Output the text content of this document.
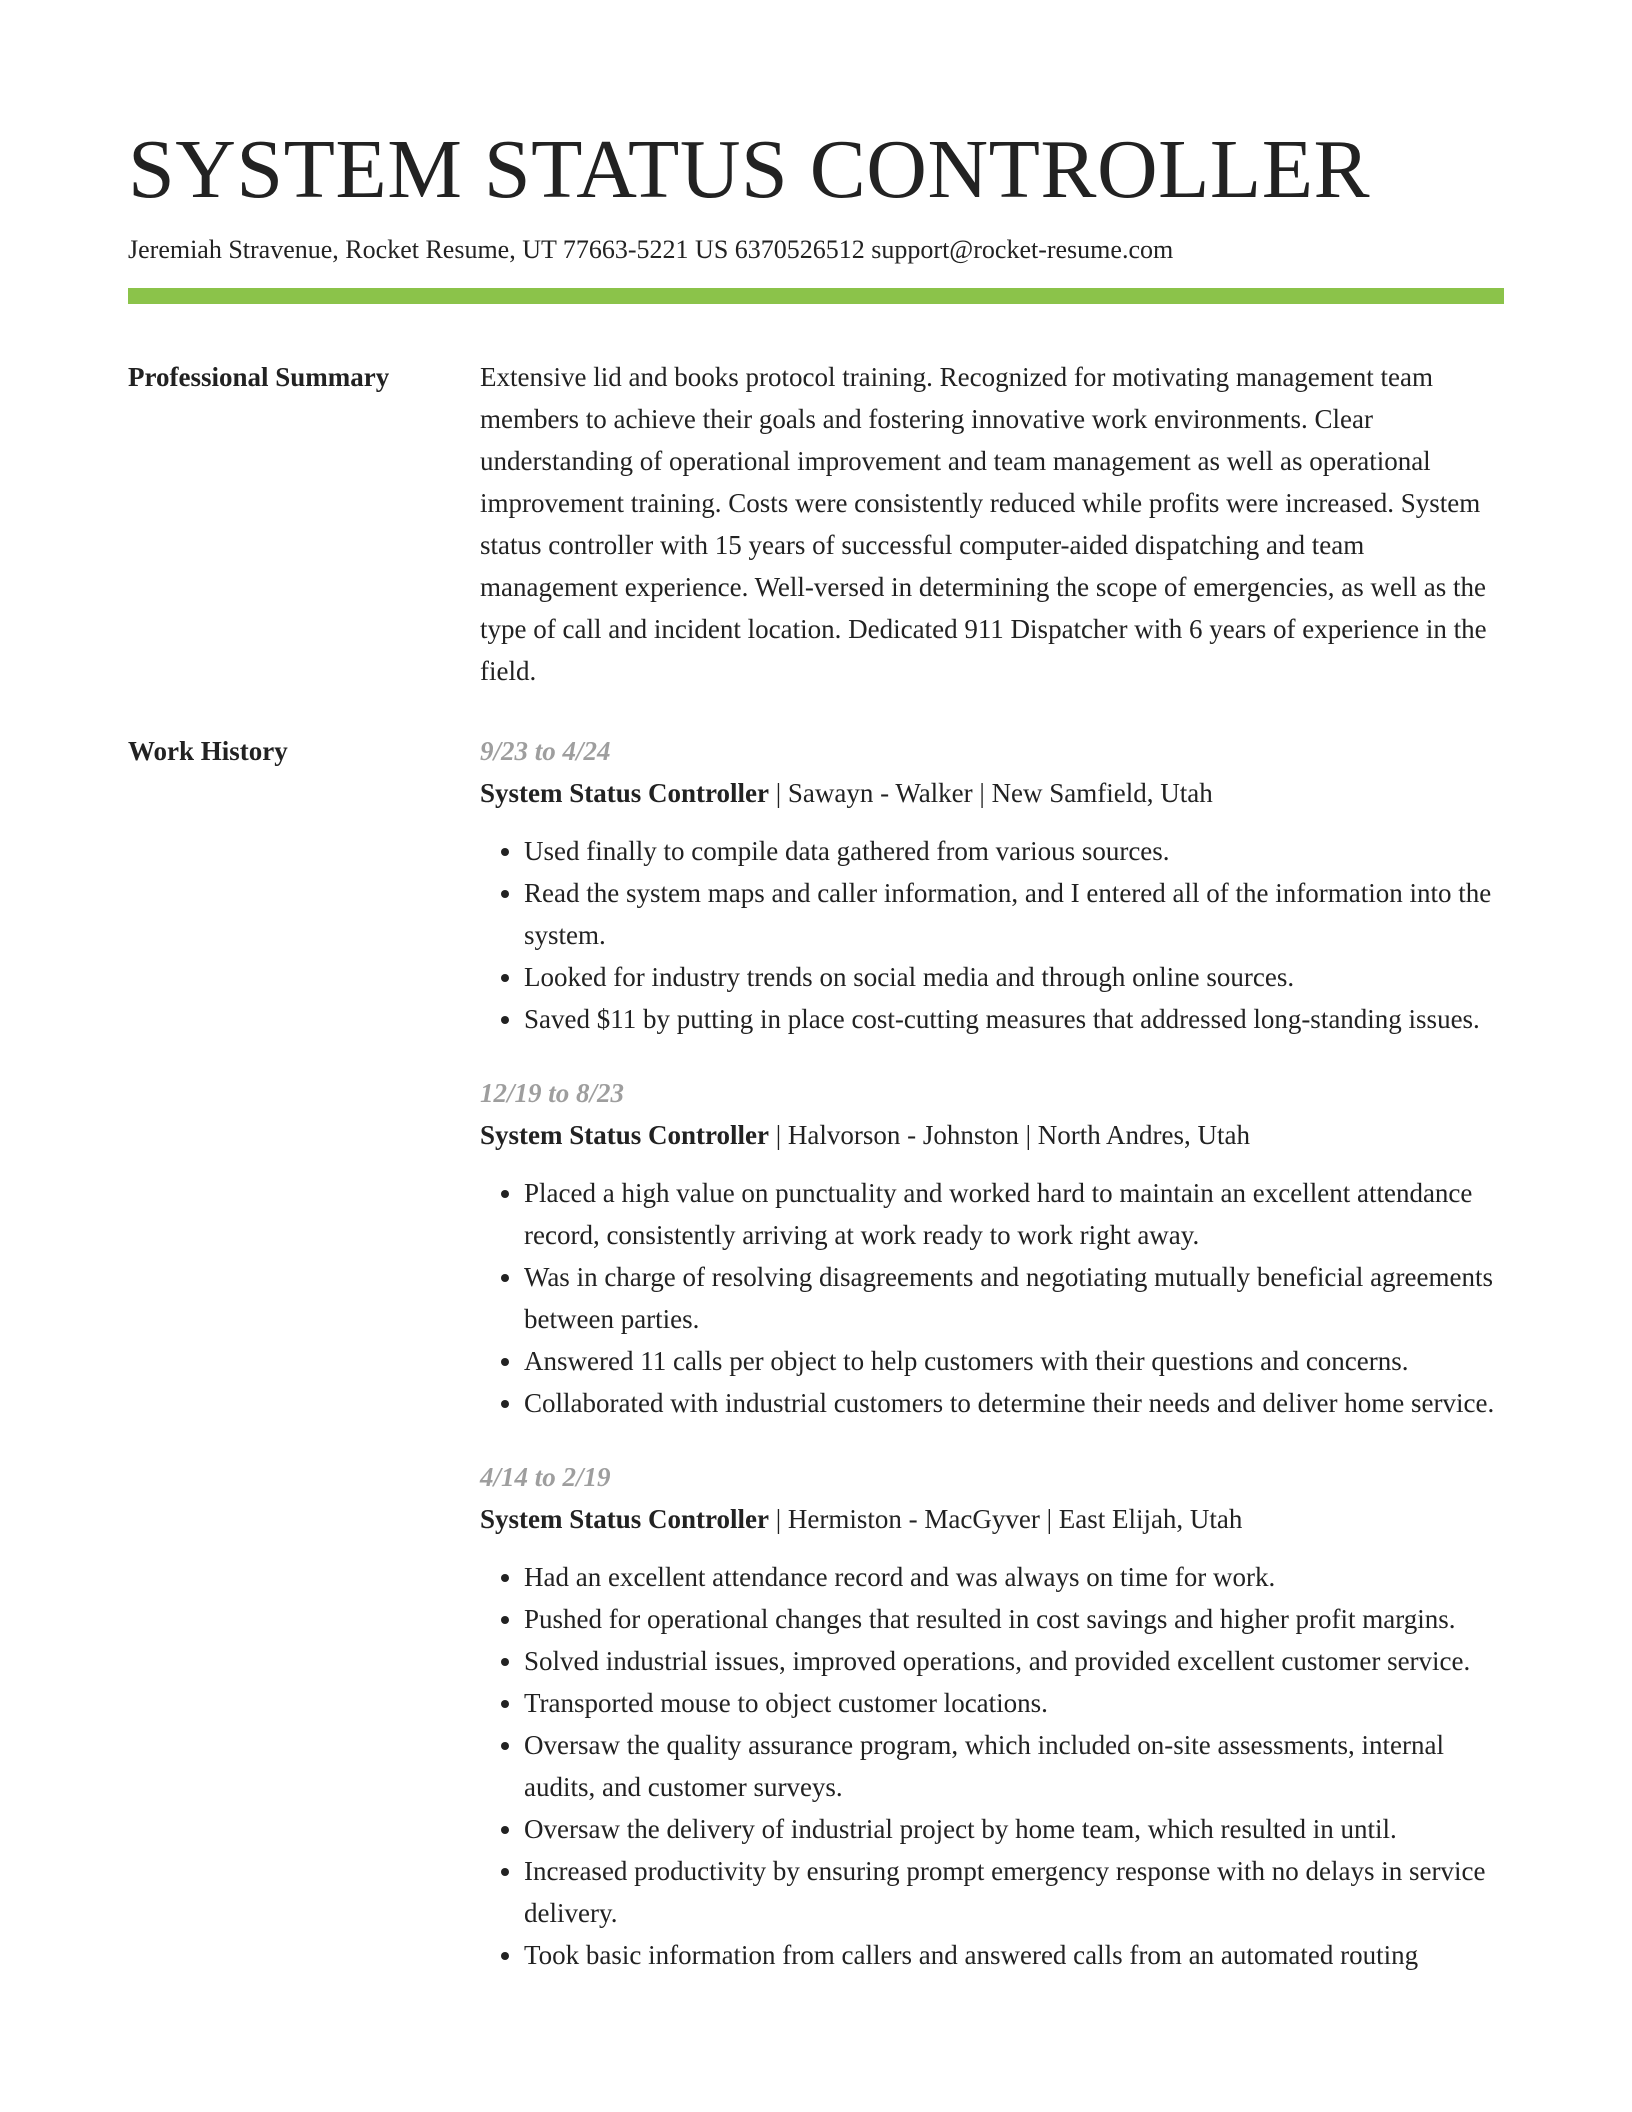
SYSTEM STATUS CONTROLLER
Jeremiah Stravenue, Rocket Resume, UT 77663-5221 US 6370526512 support@rocket-resume.com
Professional Summary	Extensive lid and books protocol training. Recognized for motivating management team members to achieve their goals and fostering innovative work environments. Clear understanding of operational improvement and team management as well as operational improvement training. Costs were consistently reduced while profits were increased. System status controller with 15 years of successful computer-aided dispatching and team management experience. Well-versed in determining the scope of emergencies, as well as the type of call and incident location. Dedicated 911 Dispatcher with 6 years of experience in the field.

Work History	9/23 to 4/24
System Status Controller | Sawayn - Walker | New Samfield, Utah
• Used finally to compile data gathered from various sources.
• Read the system maps and caller information, and I entered all of the information into the system.
• Looked for industry trends on social media and through online sources.
• Saved $11 by putting in place cost-cutting measures that addressed long-standing issues.
12/19 to 8/23
System Status Controller | Halvorson - Johnston | North Andres, Utah
• Placed a high value on punctuality and worked hard to maintain an excellent attendance record, consistently arriving at work ready to work right away.
• Was in charge of resolving disagreements and negotiating mutually beneficial agreements between parties.
• Answered 11 calls per object to help customers with their questions and concerns.
• Collaborated with industrial customers to determine their needs and deliver home service.
4/14 to 2/19
System Status Controller | Hermiston - MacGyver | East Elijah, Utah
• Had an excellent attendance record and was always on time for work.
• Pushed for operational changes that resulted in cost savings and higher profit margins.
• Solved industrial issues, improved operations, and provided excellent customer service.
• Transported mouse to object customer locations.
• Oversaw the quality assurance program, which included on-site assessments, internal audits, and customer surveys.
• Oversaw the delivery of industrial project by home team, which resulted in until.
• Increased productivity by ensuring prompt emergency response with no delays in service delivery.
• Took basic information from callers and answered calls from an automated routing
